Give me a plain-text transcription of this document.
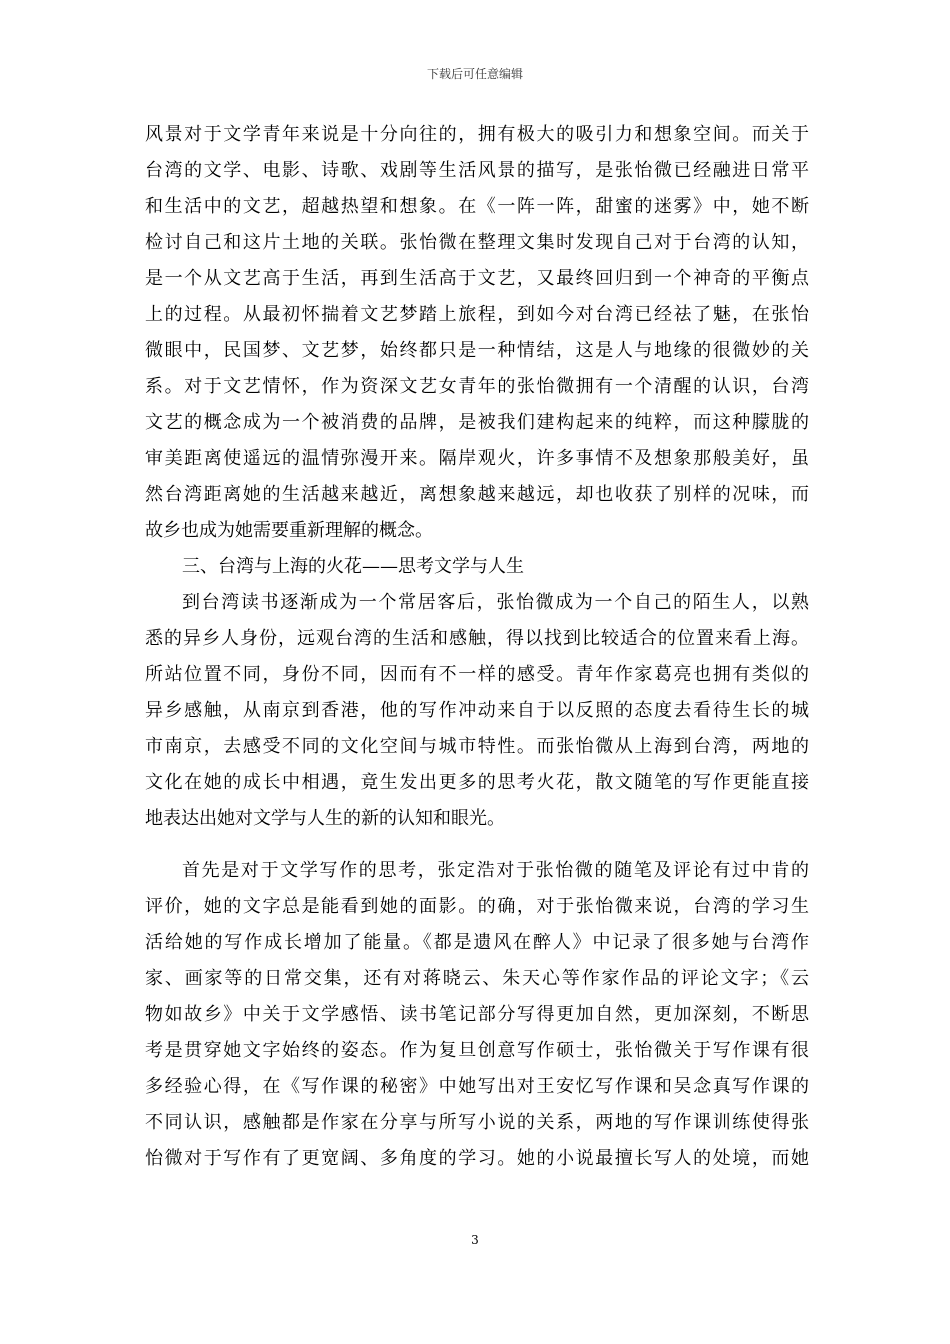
下载后可任意编辑
风景对于文学青年来说是十分向往的，拥有极大的吸引力和想象空间。而关于
台湾的文学、电影、诗歌、戏剧等生活风景的描写，是张怡微已经融进日常平
和生活中的文艺，超越热望和想象。在《一阵一阵，甜蜜的迷雾》中，她不断
检讨自己和这片土地的关联。张怡微在整理文集时发现自己对于台湾的认知，
是一个从文艺高于生活，再到生活高于文艺，又最终回归到一个神奇的平衡点
上的过程。从最初怀揣着文艺梦踏上旅程，到如今对台湾已经祛了魅，在张怡
微眼中，民国梦、文艺梦，始终都只是一种情结，这是人与地缘的很微妙的关
系。对于文艺情怀，作为资深文艺女青年的张怡微拥有一个清醒的认识，台湾
文艺的概念成为一个被消费的品牌，是被我们建构起来的纯粹，而这种朦胧的
审美距离使遥远的温情弥漫开来。隔岸观火，许多事情不及想象那般美好，虽
然台湾距离她的生活越来越近，离想象越来越远，却也收获了别样的况味，而
故乡也成为她需要重新理解的概念。
三、台湾与上海的火花——思考文学与人生
到台湾读书逐渐成为一个常居客后，张怡微成为一个自己的陌生人，以熟
悉的异乡人身份，远观台湾的生活和感触，得以找到比较适合的位置来看上海。
所站位置不同，身份不同，因而有不一样的感受。青年作家葛亮也拥有类似的
异乡感触，从南京到香港，他的写作冲动来自于以反照的态度去看待生长的城
市南京，去感受不同的文化空间与城市特性。而张怡微从上海到台湾，两地的
文化在她的成长中相遇，竟生发出更多的思考火花，散文随笔的写作更能直接
地表达出她对文学与人生的新的认知和眼光。
首先是对于文学写作的思考，张定浩对于张怡微的随笔及评论有过中肯的
评价，她的文字总是能看到她的面影。的确，对于张怡微来说，台湾的学习生
活给她的写作成长增加了能量。《都是遗风在醉人》中记录了很多她与台湾作
家、画家等的日常交集，还有对蒋晓云、朱天心等作家作品的评论文字；《云
物如故乡》中关于文学感悟、读书笔记部分写得更加自然，更加深刻，不断思
考是贯穿她文字始终的姿态。作为复旦创意写作硕士，张怡微关于写作课有很
多经验心得，在《写作课的秘密》中她写出对王安忆写作课和吴念真写作课的
不同认识，感触都是作家在分享与所写小说的关系，两地的写作课训练使得张
怡微对于写作有了更宽阔、多角度的学习。她的小说最擅长写人的处境，而她
3
